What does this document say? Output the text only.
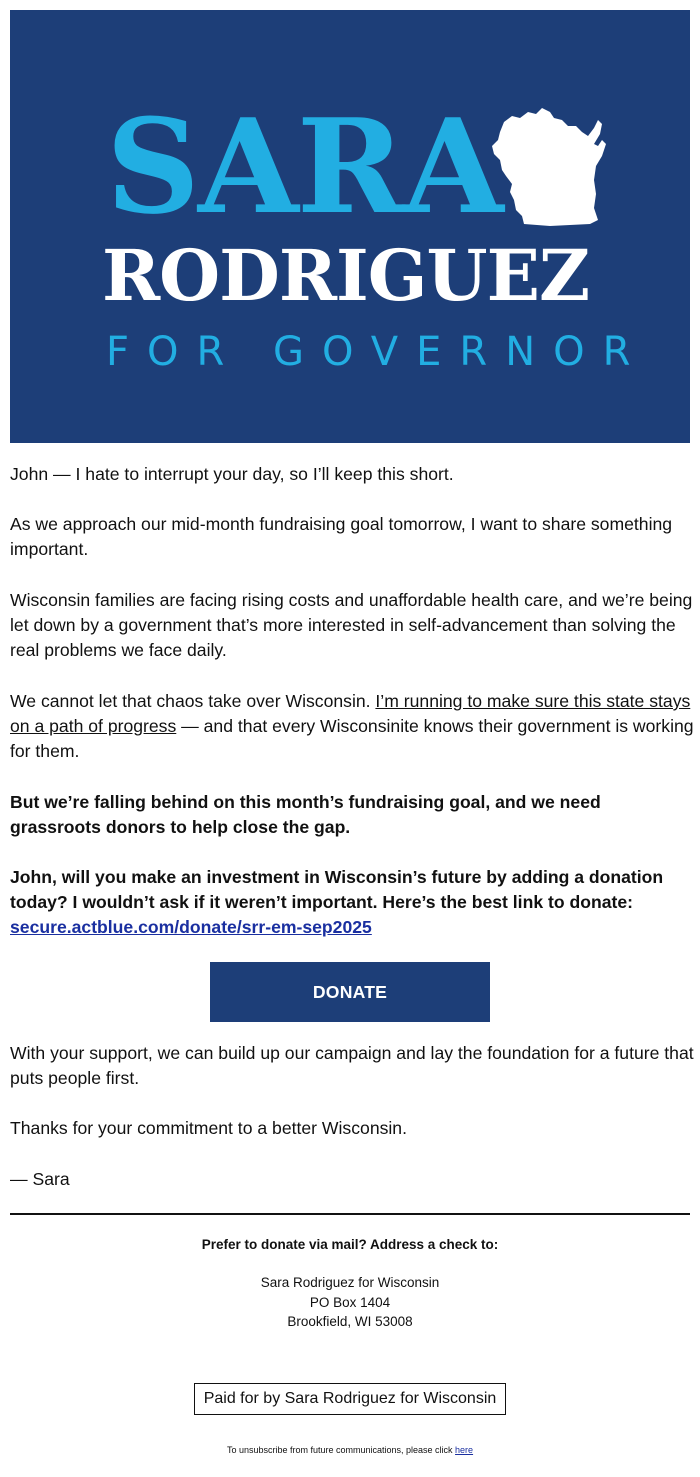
SARA
RODRIGUEZ
FOR GOVERNOR

John — I hate to interrupt your day, so I’ll keep this short.

As we approach our mid-month fundraising goal tomorrow, I want to share something important.

Wisconsin families are facing rising costs and unaffordable health care, and we’re being let down by a government that’s more interested in self-advancement than solving the real problems we face daily.

We cannot let that chaos take over Wisconsin. I’m running to make sure this state stays on a path of progress — and that every Wisconsinite knows their government is working for them.

But we’re falling behind on this month’s fundraising goal, and we need grassroots donors to help close the gap.

John, will you make an investment in Wisconsin’s future by adding a donation today? I wouldn’t ask if it weren’t important. Here’s the best link to donate:
secure.actblue.com/donate/srr-em-sep2025

DONATE

With your support, we can build up our campaign and lay the foundation for a future that puts people first.

Thanks for your commitment to a better Wisconsin.

— Sara

Prefer to donate via mail? Address a check to:

Sara Rodriguez for Wisconsin

PO Box 1404

Brookfield, WI 53008

Paid for by Sara Rodriguez for Wisconsin
To unsubscribe from future communications, please click here
